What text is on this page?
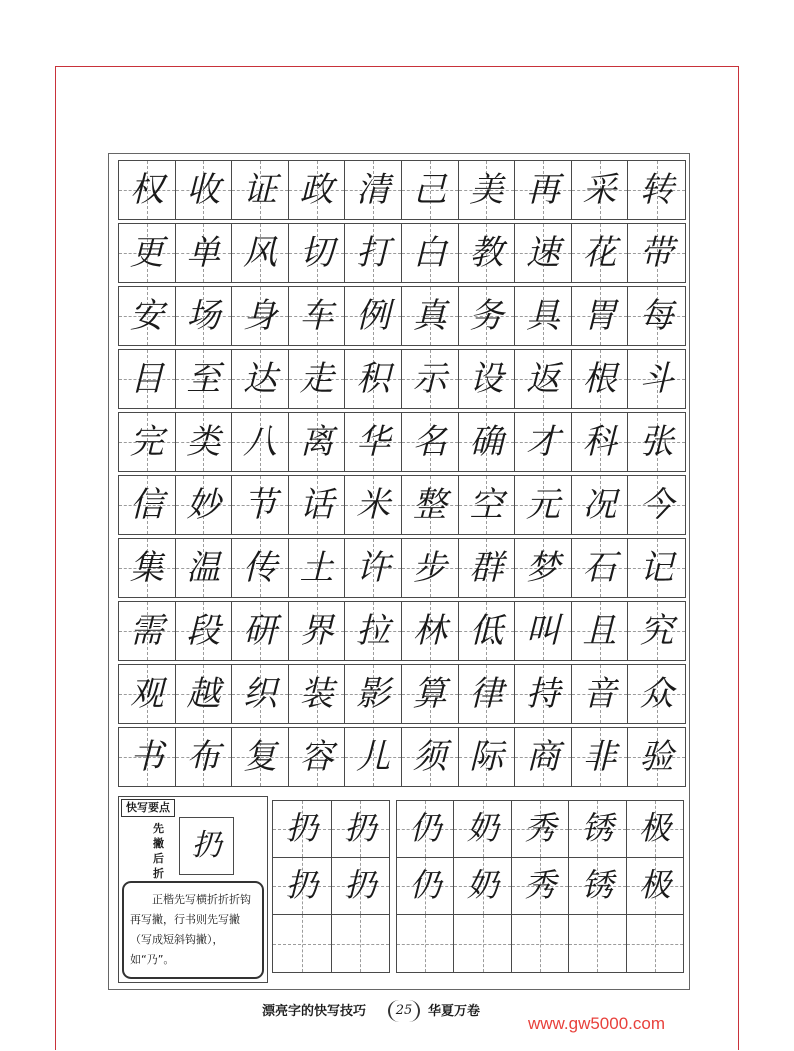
权 收 证 政 清 己 美 再 采 转
更 单 风 切 打 白 教 速 花 带
安 场 身 车 例 真 务 具 胃 每
目 至 达 走 积 示 设 返 根 斗
完 类 八 离 华 名 确 才 科 张
信 妙 节 话 米 整 空 元 况 今
集 温 传 土 许 步 群 梦 石 记
需 段 研 界 拉 林 低 叫 且 究
观 越 织 装 影 算 律 持 音 众
书 布 复 容 儿 须 际 商 非 验
快写要点
先撇后折
扔
正楷先写横折折折钩再写撇，行书则先写撇（写成短斜钩撇），如“乃”。
扔 扔
扔 扔
仍 奶 秀 锈 极
仍 奶 秀 锈 极
漂亮字的快写技巧	25	华夏万卷
www.gw5000.com
